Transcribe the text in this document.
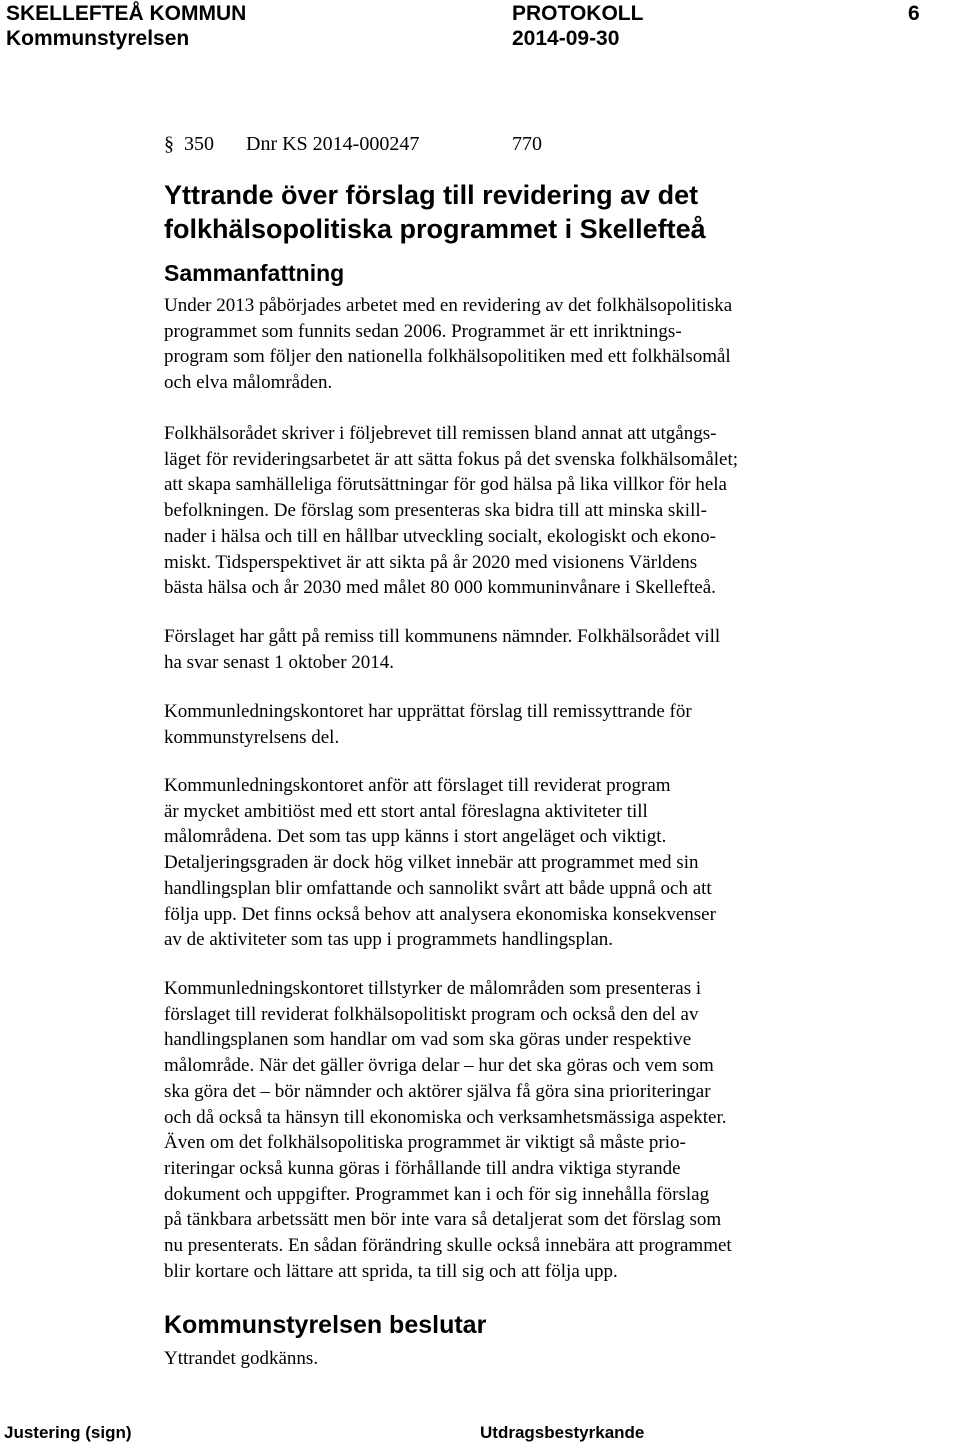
SKELLEFTEÅ KOMMUN	PROTOKOLL	6
Kommunstyrelsen	2014-09-30
§ 350 Dnr KS 2014-000247	770
Yttrande över förslag till revidering av det
folkhälsopolitiska programmet i Skellefteå
Sammanfattning
Under 2013 påbörjades arbetet med en revidering av det folkhälsopolitiska
programmet som funnits sedan 2006. Programmet är ett inriktnings-
program som följer den nationella folkhälsopolitiken med ett folkhälsomål
och elva målområden.
Folkhälsorådet skriver i följebrevet till remissen bland annat att utgångs-
läget för revideringsarbetet är att sätta fokus på det svenska folkhälsomålet;
att skapa samhälleliga förutsättningar för god hälsa på lika villkor för hela
befolkningen. De förslag som presenteras ska bidra till att minska skill-
nader i hälsa och till en hållbar utveckling socialt, ekologiskt och ekono-
miskt. Tidsperspektivet är att sikta på år 2020 med visionens Världens
bästa hälsa och år 2030 med målet 80 000 kommuninvånare i Skellefteå.
Förslaget har gått på remiss till kommunens nämnder. Folkhälsorådet vill
ha svar senast 1 oktober 2014.
Kommunledningskontoret har upprättat förslag till remissyttrande för
kommunstyrelsens del.
Kommunledningskontoret anför att förslaget till reviderat program
är mycket ambitiöst med ett stort antal föreslagna aktiviteter till
målområdena. Det som tas upp känns i stort angeläget och viktigt.
Detaljeringsgraden är dock hög vilket innebär att programmet med sin
handlingsplan blir omfattande och sannolikt svårt att både uppnå och att
följa upp. Det finns också behov att analysera ekonomiska konsekvenser
av de aktiviteter som tas upp i programmets handlingsplan.
Kommunledningskontoret tillstyrker de målområden som presenteras i
förslaget till reviderat folkhälsopolitiskt program och också den del av
handlingsplanen som handlar om vad som ska göras under respektive
målområde. När det gäller övriga delar – hur det ska göras och vem som
ska göra det – bör nämnder och aktörer själva få göra sina prioriteringar
och då också ta hänsyn till ekonomiska och verksamhetsmässiga aspekter.
Även om det folkhälsopolitiska programmet är viktigt så måste prio-
riteringar också kunna göras i förhållande till andra viktiga styrande
dokument och uppgifter. Programmet kan i och för sig innehålla förslag
på tänkbara arbetssätt men bör inte vara så detaljerat som det förslag som
nu presenterats. En sådan förändring skulle också innebära att programmet
blir kortare och lättare att sprida, ta till sig och att följa upp.
Kommunstyrelsen beslutar
Yttrandet godkänns.
Justering (sign)	Utdragsbestyrkande
